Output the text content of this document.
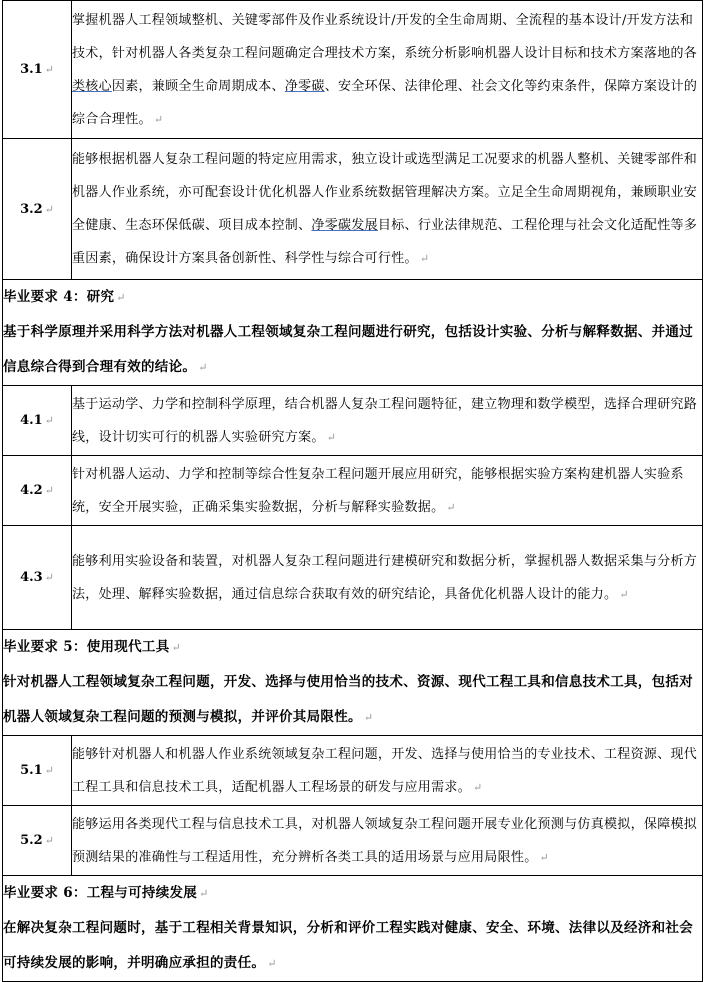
3.1 ↵	掌握机器人工程领域整机、关键零部件及作业系统设计/开发的全生命周期、全流程的基本设计/开发方法和技术，针对机器人各类复杂工程问题确定合理技术方案，系统分析影响机器人设计目标和技术方案落地的各类核心因素，兼顾全生命周期成本、净零碳、安全环保、法律伦理、社会文化等约束条件，保障方案设计的综合合理性。 ↵

3.2 ↵	能够根据机器人复杂工程问题的特定应用需求，独立设计或选型满足工况要求的机器人整机、关键零部件和机器人作业系统，亦可配套设计优化机器人作业系统数据管理解决方案。立足全生命周期视角，兼顾职业安全健康、生态环保低碳、项目成本控制、净零碳发展目标、行业法律规范、工程伦理与社会文化适配性等多重因素，确保设计方案具备创新性、科学性与综合可行性。 ↵

毕业要求 4：研究 ↵

基于科学原理并采用科学方法对机器人工程领域复杂工程问题进行研究，包括设计实验、分析与解释数据、并通过信息综合得到合理有效的结论。 ↵	

4.1 ↵	基于运动学、力学和控制科学原理，结合机器人复杂工程问题特征，建立物理和数学模型，选择合理研究路线，设计切实可行的机器人实验研究方案。 ↵

4.2 ↵	针对机器人运动、力学和控制等综合性复杂工程问题开展应用研究，能够根据实验方案构建机器人实验系统，安全开展实验，正确采集实验数据，分析与解释实验数据。 ↵

4.3 ↵	能够利用实验设备和装置，对机器人复杂工程问题进行建模研究和数据分析，掌握机器人数据采集与分析方法，处理、解释实验数据，通过信息综合获取有效的研究结论，具备优化机器人设计的能力。 ↵

毕业要求 5：使用现代工具 ↵

针对机器人工程领域复杂工程问题，开发、选择与使用恰当的技术、资源、现代工程工具和信息技术工具，包括对机器人领域复杂工程问题的预测与模拟，并评价其局限性。 ↵	

5.1 ↵	能够针对机器人和机器人作业系统领域复杂工程问题，开发、选择与使用恰当的专业技术、工程资源、现代工程工具和信息技术工具，适配机器人工程场景的研发与应用需求。 ↵

5.2 ↵	能够运用各类现代工程与信息技术工具，对机器人领域复杂工程问题开展专业化预测与仿真模拟，保障模拟预测结果的准确性与工程适用性，充分辨析各类工具的适用场景与应用局限性。 ↵

毕业要求 6：工程与可持续发展 ↵

在解决复杂工程问题时，基于工程相关背景知识，分析和评价工程实践对健康、安全、环境、法律以及经济和社会可持续发展的影响，并明确应承担的责任。 ↵	
